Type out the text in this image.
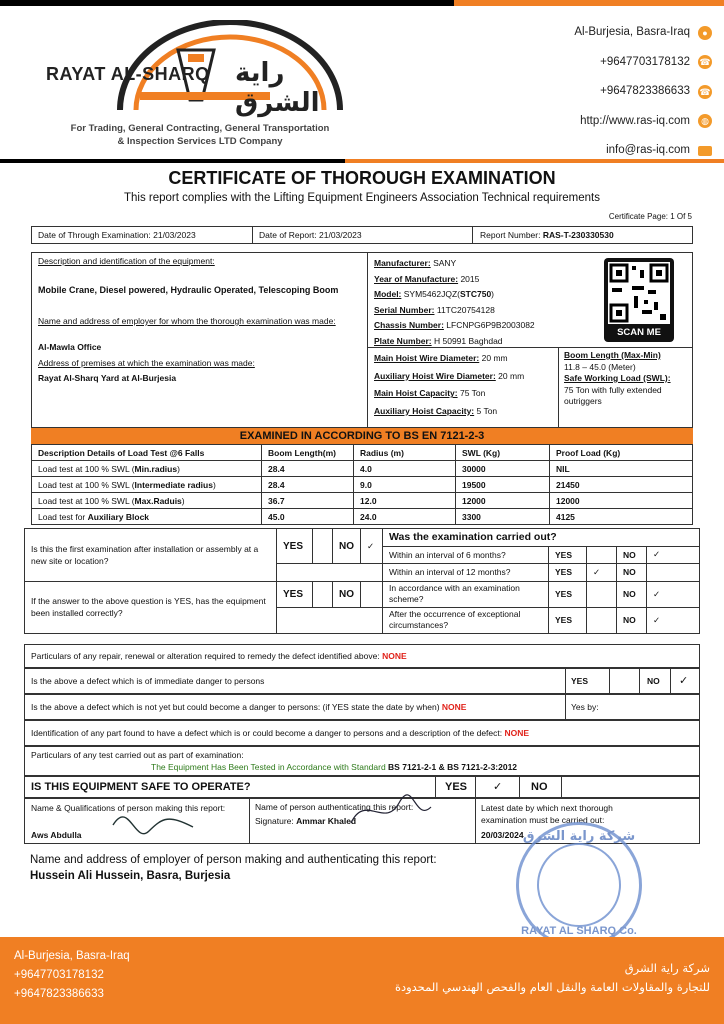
RAYAT AL-SHARQ راية الشرق
For Trading, General Contracting, General Transportation
& Inspection Services LTD Company
Al-Burjesia, Basra-Iraq	●
+9647703178132 ☎
+9647823386633 ☎
http://www.ras-iq.com	◍
info@ras-iq.com
CERTIFICATE OF THOROUGH EXAMINATION
This report complies with the Lifting Equipment Engineers Association Technical requirements
Certificate Page: 1 Of 5
Date of Through Examination: 21/03/2023	Date of Report: 21/03/2023	Report Number: RAS-T-230330530
Description and identification of the equipment:
Mobile Crane, Diesel powered, Hydraulic Operated, Telescoping Boom
Name and address of employer for whom the thorough examination was made:
Al-Mawla Office
Address of premises at which the examination was made:
Rayat Al-Sharq Yard at Al-Burjesia
Manufacturer: SANY
Year of Manufacture: 2015
Model: SYM5462JQZ(STC750)
Serial Number: 11TC20754128
Chassis Number: LFCNPG6P9B2003082
Plate Number: H 50991 Baghdad
SCAN ME
Main Hoist Wire Diameter: 20 mm
Auxiliary Hoist Wire Diameter: 20 mm
Main Hoist Capacity: 75 Ton
Auxiliary Hoist Capacity: 5 Ton
Boom Length (Max-Min)
11.8 – 45.0 (Meter)
Safe Working Load (SWL):
75 Ton with fully extended outriggers
EXAMINED IN ACCORDING TO BS EN 7121-2-3
Description Details of Load Test @6 Falls	Boom Length(m)	Radius (m)	SWL (Kg)	Proof Load (Kg)
Load test at 100 % SWL (Min.radius)	28.4	4.0	30000	NIL
Load test at 100 % SWL (Intermediate radius)	28.4	9.0	19500	21450
Load test at 100 % SWL (Max.Raduis)	36.7	12.0	12000	12000
Load test for Auxiliary Block	45.0	24.0	3300	4125
Is this the first examination after installation or assembly at a new site or location?	YES		NO	✓	Was the examination carried out?				
					Within an interval of 6 months?	YES		NO	✓
					Within an interval of 12 months?	YES	✓	NO	
If the answer to the above question is YES, has the equipment been installed correctly?	YES		NO		In accordance with an examination scheme?	YES		NO	✓
					After the occurrence of exceptional circumstances?	YES		NO	✓
Particulars of any repair, renewal or alteration required to remedy the defect identified above: NONE
Is the above a defect which is of immediate danger to persons	YES	NO ✓
Is the above a defect which is not yet but could become a danger to persons: (if YES state the date by when) NONE	Yes by:
Identification of any part found to have a defect which is or could become a danger to persons and a description of the defect: NONE
Particulars of any test carried out as part of examination:
The Equipment Has Been Tested in Accordance with Standard BS 7121-2-1 & BS 7121-2-3:2012
IS THIS EQUIPMENT SAFE TO OPERATE?	YES ✓	NO
Name & Qualifications of person making this report:
Aws Abdulla
Name of person authenticating this report:
Signature: Ammar Khaled
Latest date by which next thorough examination must be carried out:
20/03/2024
Name and address of employer of person making and authenticating this report:
Hussein Ali Hussein, Basra, Burjesia
شركة راية الشرق
RAYAT AL SHARQ Co.
Al-Burjesia, Basra-Iraq
+9647703178132
+9647823386633
شركة راية الشرق
للتجارة والمقاولات العامة والنقل العام والفحص الهندسي المحدودة
